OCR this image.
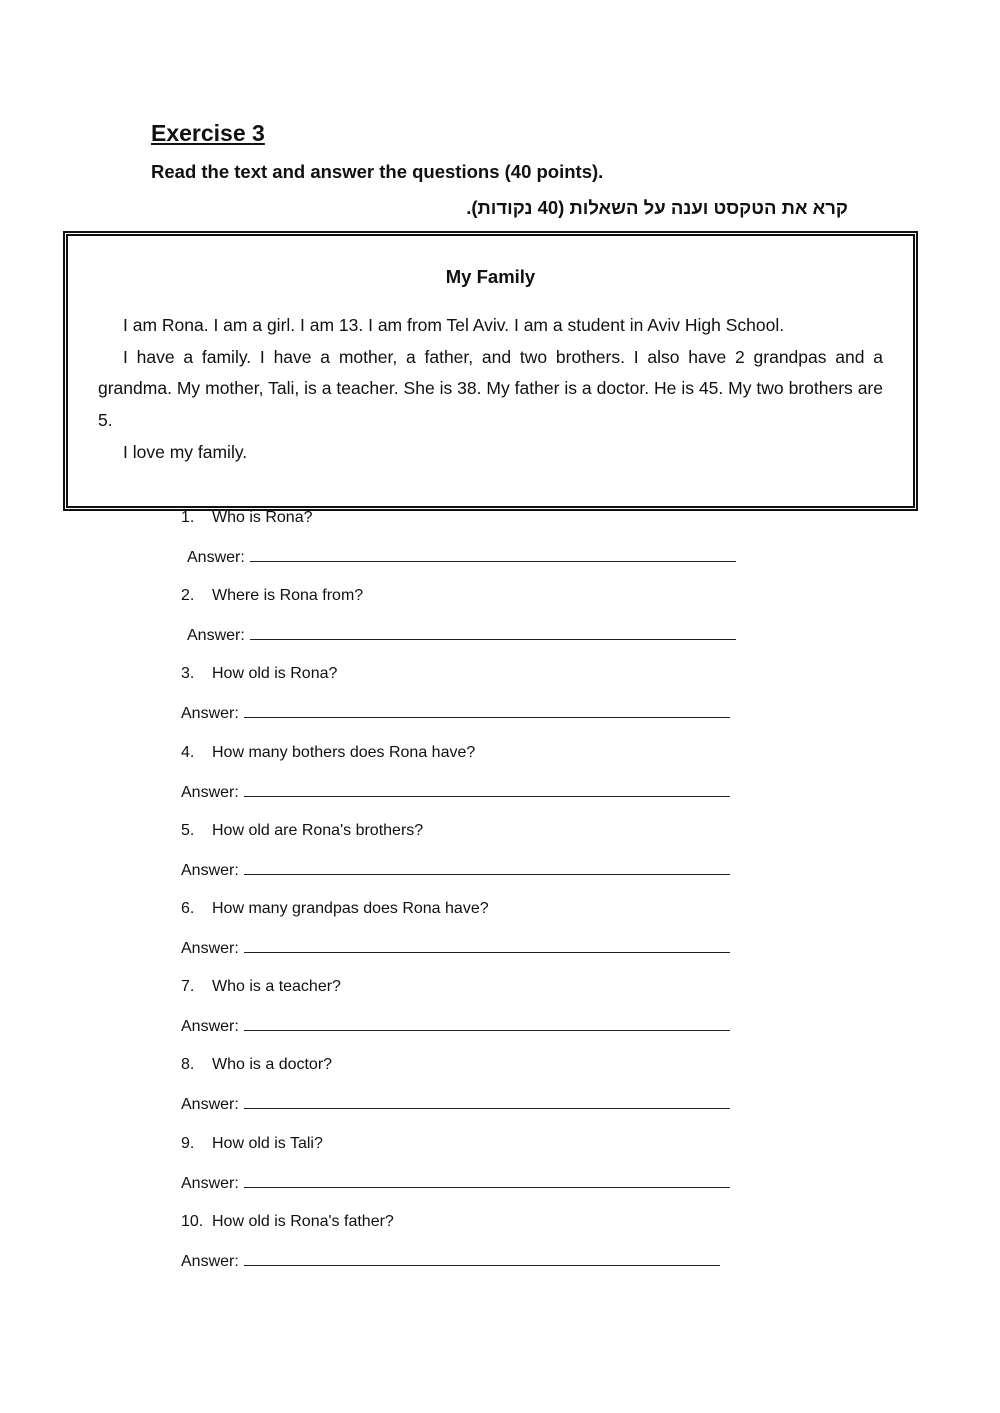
Exercise 3
Read the text and answer the questions (40 points).
קרא את הטקסט וענה על השאלות (40 נקודות).
My Family

I am Rona. I am a girl. I am 13. I am from Tel Aviv. I am a student in Aviv High School.

I have a family. I have a mother, a father, and two brothers. I also have 2 grandpas and a grandma. My mother, Tali, is a teacher. She is 38. My father is a doctor. He is 45. My two brothers are 5.

I love my family.

1. Who is Rona?
Answer:
2. Where is Rona from?
Answer:
3. How old is Rona?
Answer:
4. How many bothers does Rona have?
Answer:
5. How old are Rona's brothers?
Answer:
6. How many grandpas does Rona have?
Answer:
7. Who is a teacher?
Answer:
8. Who is a doctor?
Answer:
9. How old is Tali?
Answer:
10. How old is Rona's father?
Answer:
